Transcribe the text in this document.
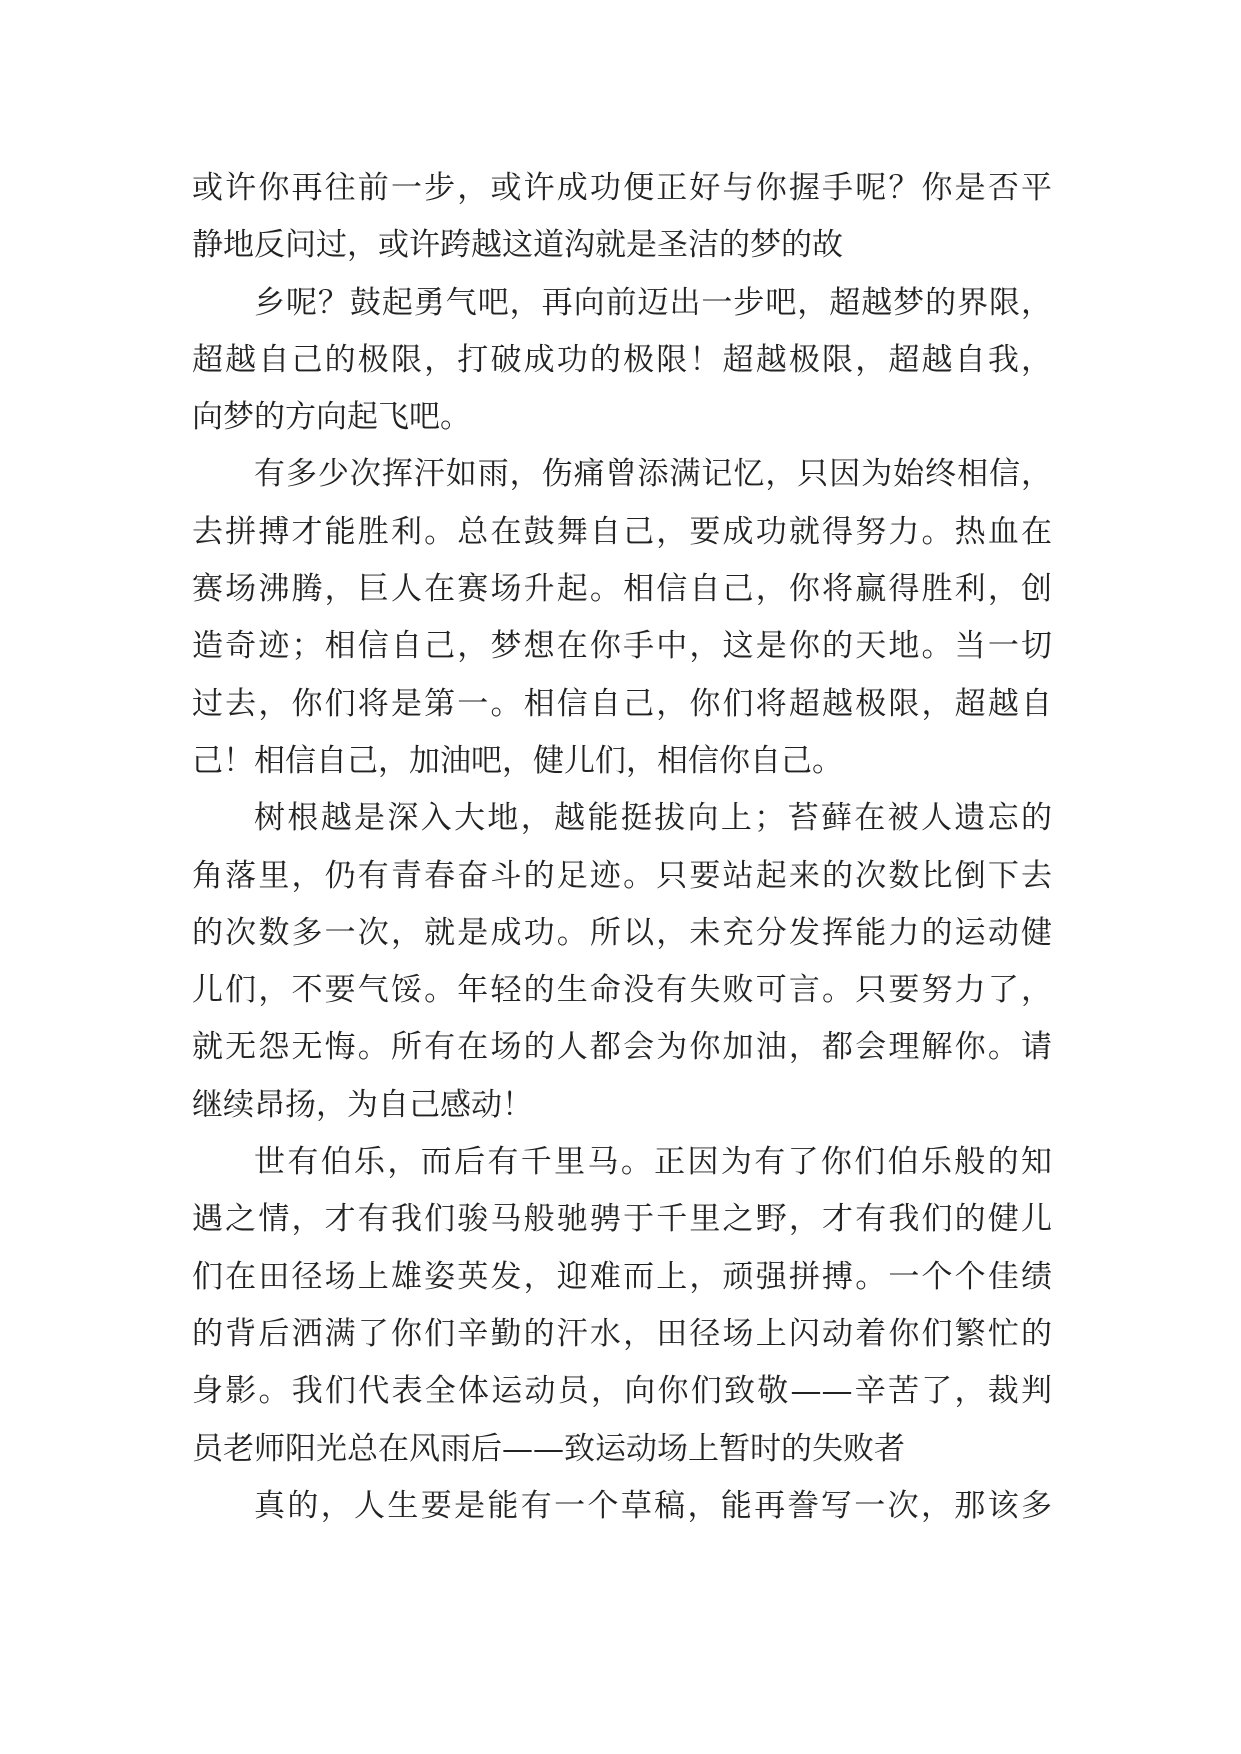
或许你再往前一步，或许成功便正好与你握手呢？你是否平
静地反问过，或许跨越这道沟就是圣洁的梦的故

乡呢？鼓起勇气吧，再向前迈出一步吧，超越梦的界限，
超越自己的极限，打破成功的极限！超越极限，超越自我，
向梦的方向起飞吧。

有多少次挥汗如雨，伤痛曾添满记忆，只因为始终相信，
去拼搏才能胜利。总在鼓舞自己，要成功就得努力。热血在
赛场沸腾，巨人在赛场升起。相信自己，你将赢得胜利，创
造奇迹；相信自己，梦想在你手中，这是你的天地。当一切
过去，你们将是第一。相信自己，你们将超越极限，超越自
己！相信自己，加油吧，健儿们，相信你自己。

树根越是深入大地，越能挺拔向上；苔藓在被人遗忘的
角落里，仍有青春奋斗的足迹。只要站起来的次数比倒下去
的次数多一次，就是成功。所以，未充分发挥能力的运动健
儿们，不要气馁。年轻的生命没有失败可言。只要努力了，
就无怨无悔。所有在场的人都会为你加油，都会理解你。请
继续昂扬，为自己感动！

世有伯乐，而后有千里马。正因为有了你们伯乐般的知
遇之情，才有我们骏马般驰骋于千里之野，才有我们的健儿
们在田径场上雄姿英发，迎难而上，顽强拼搏。一个个佳绩
的背后洒满了你们辛勤的汗水，田径场上闪动着你们繁忙的
身影。我们代表全体运动员，向你们致敬——辛苦了，裁判
员老师阳光总在风雨后——致运动场上暂时的失败者

真的，人生要是能有一个草稿，能再誊写一次，那该多
